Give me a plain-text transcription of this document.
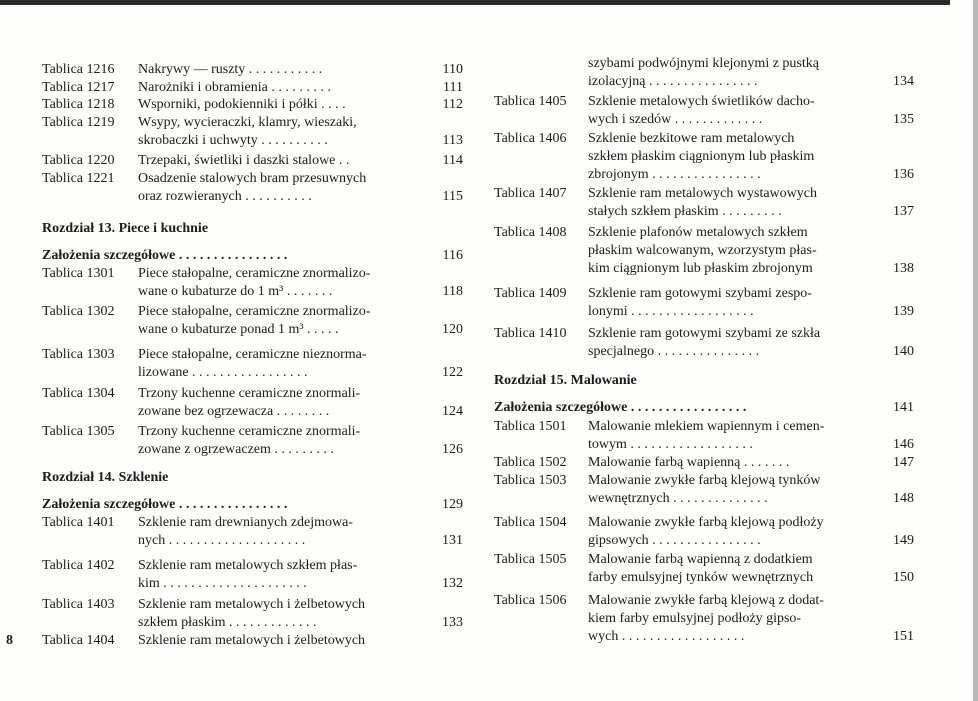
8
Tablica 1216 Nakrywy — ruszty . . . . . . . . . . .	110
Tablica 1217 Narożniki i obramienia . . . . . . . . .	111
Tablica 1218 Wsporniki, podokienniki i półki . . . .	112
Tablica 1219 Wsypy, wycieraczki, klamry, wieszaki,
skrobaczki i uchwyty . . . . . . . . . .	113
Tablica 1220 Trzepaki, świetliki i daszki stalowe . .	114
Tablica 1221 Osadzenie stalowych bram przesuwnych
oraz rozwieranych . . . . . . . . . .	115
Rozdział 13. Piece i kuchnie
Założenia szczegółowe . . . . . . . . . . . . . . . .	116
Tablica 1301 Piece stałopalne, ceramiczne znormalizo-
wane o kubaturze do 1 m³ . . . . . . .	118
Tablica 1302 Piece stałopalne, ceramiczne znormalizo-
wane o kubaturze ponad 1 m³ . . . . .	120
Tablica 1303 Piece stałopalne, ceramiczne nieznorma-
lizowane . . . . . . . . . . . . . . . . .	122
Tablica 1304 Trzony kuchenne ceramiczne znormali-
zowane bez ogrzewacza . . . . . . . .	124
Tablica 1305 Trzony kuchenne ceramiczne znormali-
zowane z ogrzewaczem . . . . . . . . .	126
Rozdział 14. Szklenie
Założenia szczegółowe . . . . . . . . . . . . . . . .	129
Tablica 1401 Szklenie ram drewnianych zdejmowa-
nych . . . . . . . . . . . . . . . . . . . .	131
Tablica 1402 Szklenie ram metalowych szkłem płas-
kim . . . . . . . . . . . . . . . . . . . . .	132
Tablica 1403 Szklenie ram metalowych i żelbetowych
szkłem płaskim . . . . . . . . . . . . .	133
Tablica 1404 Szklenie ram metalowych i żelbetowych
szybami podwójnymi klejonymi z pustką
izolacyjną . . . . . . . . . . . . . . . .	134
Tablica 1405 Szklenie metalowych świetlików dacho-
wych i szedów . . . . . . . . . . . . .	135
Tablica 1406 Szklenie bezkitowe ram metalowych
szkłem płaskim ciągnionym lub płaskim
zbrojonym . . . . . . . . . . . . . . . .	136
Tablica 1407 Szklenie ram metalowych wystawowych
stałych szkłem płaskim . . . . . . . . .	137
Tablica 1408 Szklenie plafonów metalowych szkłem
płaskim walcowanym, wzorzystym płas-
kim ciągnionym lub płaskim zbrojonym	138
Tablica 1409 Szklenie ram gotowymi szybami zespo-
lonymi . . . . . . . . . . . . . . . . . .	139
Tablica 1410 Szklenie ram gotowymi szybami ze szkła
specjalnego . . . . . . . . . . . . . . .	140
Rozdział 15. Malowanie
Założenia szczegółowe . . . . . . . . . . . . . . . . .	141
Tablica 1501 Malowanie mlekiem wapiennym i cemen-
towym . . . . . . . . . . . . . . . . . .	146
Tablica 1502 Malowanie farbą wapienną . . . . . . .	147
Tablica 1503 Malowanie zwykłe farbą klejową tynków
wewnętrznych . . . . . . . . . . . . . .	148
Tablica 1504 Malowanie zwykłe farbą klejową podłoży
gipsowych . . . . . . . . . . . . . . . .	149
Tablica 1505 Malowanie farbą wapienną z dodatkiem
farby emulsyjnej tynków wewnętrznych	150
Tablica 1506 Malowanie zwykłe farbą klejową z dodat-
kiem farby emulsyjnej podłoży gipso-
wych . . . . . . . . . . . . . . . . . .	151
